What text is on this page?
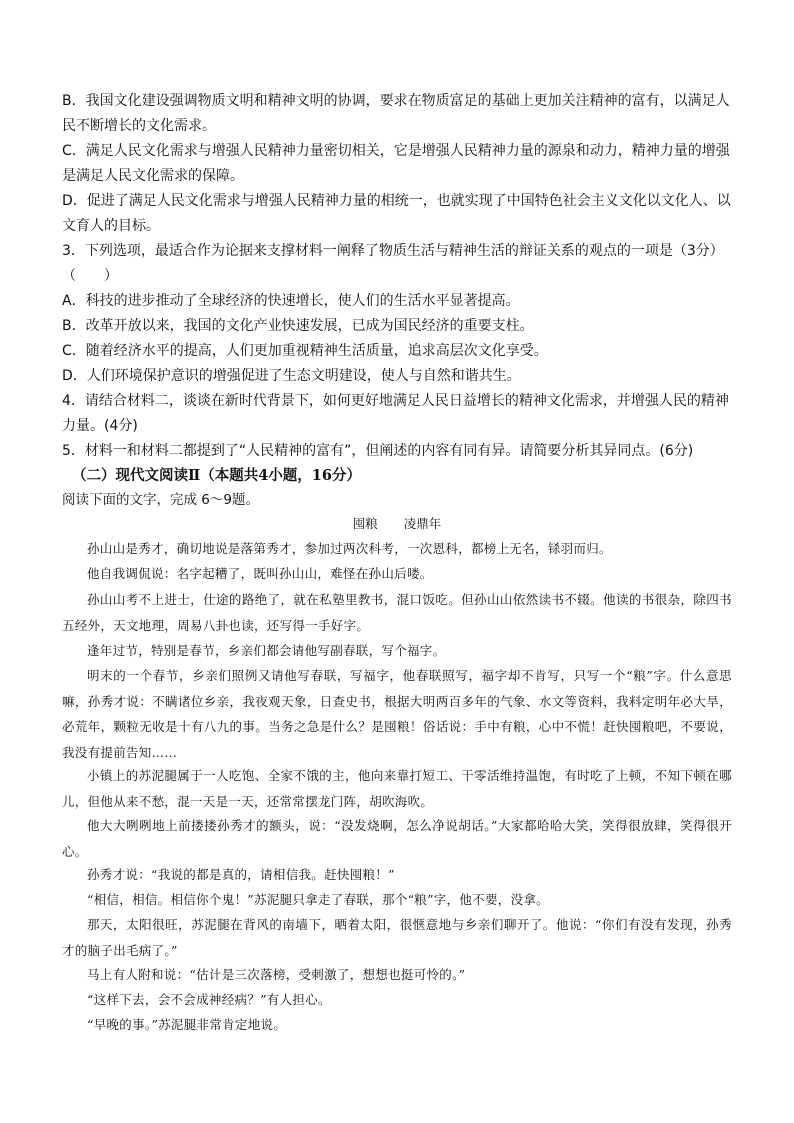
B．我国文化建设强调物质文明和精神文明的协调，要求在物质富足的基础上更加关注精神的富有，以满足人民不断增长的文化需求。

C．满足人民文化需求与增强人民精神力量密切相关，它是增强人民精神力量的源泉和动力，精神力量的增强是满足人民文化需求的保障。

D．促进了满足人民文化需求与增强人民精神力量的相统一，也就实现了中国特色社会主义文化以文化人、以文育人的目标。

3．下列选项，最适合作为论据来支撑材料一阐释了物质生活与精神生活的辩证关系的观点的一项是（3分）（　　）

A．科技的进步推动了全球经济的快速增长，使人们的生活水平显著提高。

B．改革开放以来，我国的文化产业快速发展，已成为国民经济的重要支柱。

C．随着经济水平的提高，人们更加重视精神生活质量，追求高层次文化享受。

D．人们环境保护意识的增强促进了生态文明建设，使人与自然和谐共生。

4．请结合材料二，谈谈在新时代背景下，如何更好地满足人民日益增长的精神文化需求，并增强人民的精神力量。(4分)

5．材料一和材料二都提到了“人民精神的富有”，但阐述的内容有同有异。请简要分析其异同点。(6分)

（二）现代文阅读Ⅱ（本题共4小题，16分）

阅读下面的文字，完成 6～9题。

囤粮 凌鼎年

孙山山是秀才，确切地说是落第秀才，参加过两次科考，一次恩科，都榜上无名，铩羽而归。

他自我调侃说：名字起糟了，既叫孙山山，难怪在孙山后喽。

孙山山考不上进士，仕途的路绝了，就在私塾里教书，混口饭吃。但孙山山依然读书不辍。他读的书很杂，除四书五经外，天文地理，周易八卦也读，还写得一手好字。

逢年过节，特别是春节，乡亲们都会请他写副春联，写个福字。

明末的一个春节，乡亲们照例又请他写春联，写福字，他春联照写，福字却不肯写，只写一个“粮”字。什么意思嘛，孙秀才说：不瞒诸位乡亲，我夜观天象，日查史书，根据大明两百多年的气象、水文等资料，我料定明年必大旱，必荒年，颗粒无收是十有八九的事。当务之急是什么？是囤粮！俗话说：手中有粮，心中不慌！赶快囤粮吧，不要说，我没有提前告知……

小镇上的苏泥腿属于一人吃饱、全家不饿的主，他向来靠打短工、干零活维持温饱，有时吃了上顿，不知下顿在哪儿，但他从来不愁，混一天是一天，还常常摆龙门阵，胡吹海吹。

他大大咧咧地上前搂搂孙秀才的额头，说：“没发烧啊，怎么净说胡话。”大家都哈哈大笑，笑得很放肆，笑得很开心。

孙秀才说：“我说的都是真的，请相信我。赶快囤粮！”

“相信，相信。相信你个鬼！”苏泥腿只拿走了春联，那个“粮”字，他不要，没拿。

那天，太阳很旺，苏泥腿在背风的南墙下，晒着太阳，很惬意地与乡亲们聊开了。他说：“你们有没有发现，孙秀才的脑子出毛病了。”

马上有人附和说：“估计是三次落榜，受刺激了，想想也挺可怜的。”

“这样下去，会不会成神经病？”有人担心。

“早晚的事。”苏泥腿非常肯定地说。
